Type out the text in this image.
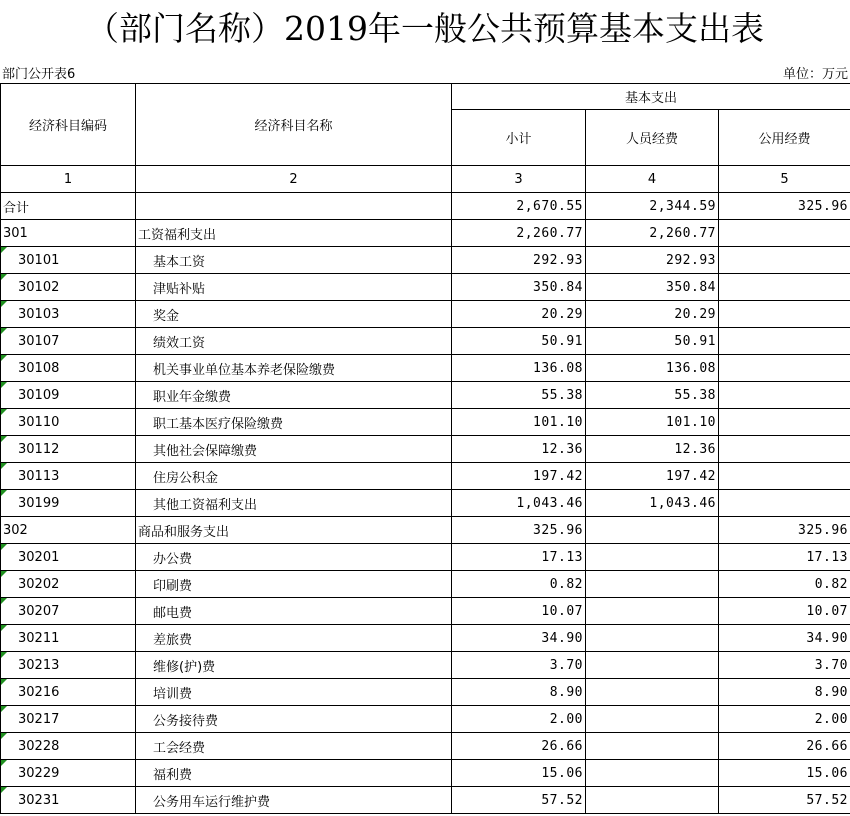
（部门名称）2019年一般公共预算基本支出表
部门公开表6	单位：万元
经济科目编码	经济科目名称	基本支出		
		小计	人员经费	公用经费
1	2	3	4	5
合计		2,670.55	2,344.59	325.96
301	工资福利支出	2,260.77	2,260.77	
30101	基本工资	292.93	292.93	
30102	津贴补贴	350.84	350.84	
30103	奖金	20.29	20.29	
30107	绩效工资	50.91	50.91	
30108	机关事业单位基本养老保险缴费	136.08	136.08	
30109	职业年金缴费	55.38	55.38	
30110	职工基本医疗保险缴费	101.10	101.10	
30112	其他社会保障缴费	12.36	12.36	
30113	住房公积金	197.42	197.42	
30199	其他工资福利支出	1,043.46	1,043.46	
302	商品和服务支出	325.96		325.96
30201	办公费	17.13		17.13
30202	印刷费	0.82		0.82
30207	邮电费	10.07		10.07
30211	差旅费	34.90		34.90
30213	维修(护)费	3.70		3.70
30216	培训费	8.90		8.90
30217	公务接待费	2.00		2.00
30228	工会经费	26.66		26.66
30229	福利费	15.06		15.06
30231	公务用车运行维护费	57.52		57.52
